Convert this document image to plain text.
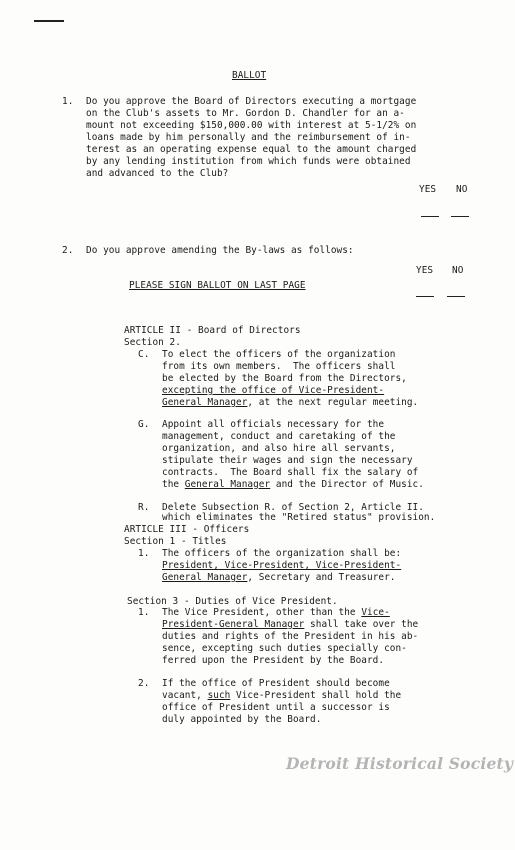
BALLOT
1. Do you approve the Board of Directors executing a mortgage
on the Club's assets to Mr. Gordon D. Chandler for an a-
mount not exceeding $150,000.00 with interest at 5-1/2% on
loans made by him personally and the reimbursement of in-
terest as an operating expense equal to the amount charged
by any lending institution from which funds were obtained
and advanced to the Club?
YES NO
2. Do you approve amending the By-laws as follows:
YES NO
PLEASE SIGN BALLOT ON LAST PAGE
ARTICLE II - Board of Directors
Section 2.
C. To elect the officers of the organization
from its own members.  The officers shall
be elected by the Board from the Directors,
excepting the office of Vice-President-
General Manager, at the next regular meeting.
G. Appoint all officials necessary for the
management, conduct and caretaking of the
organization, and also hire all servants,
stipulate their wages and sign the necessary
contracts.  The Board shall fix the salary of
the General Manager and the Director of Music.
R. Delete Subsection R. of Section 2, Article II.
which eliminates the "Retired status" provision.
ARTICLE III - Officers
Section 1 - Titles
1. The officers of the organization shall be:
President, Vice-President, Vice-President-
General Manager, Secretary and Treasurer.
Section 3 - Duties of Vice President.
1. The Vice President, other than the Vice-
President-General Manager shall take over the
duties and rights of the President in his ab-
sence, excepting such duties specially con-
ferred upon the President by the Board.
2. If the office of President should become
vacant, such Vice-President shall hold the
office of President until a successor is
duly appointed by the Board.
Detroit Historical Society
